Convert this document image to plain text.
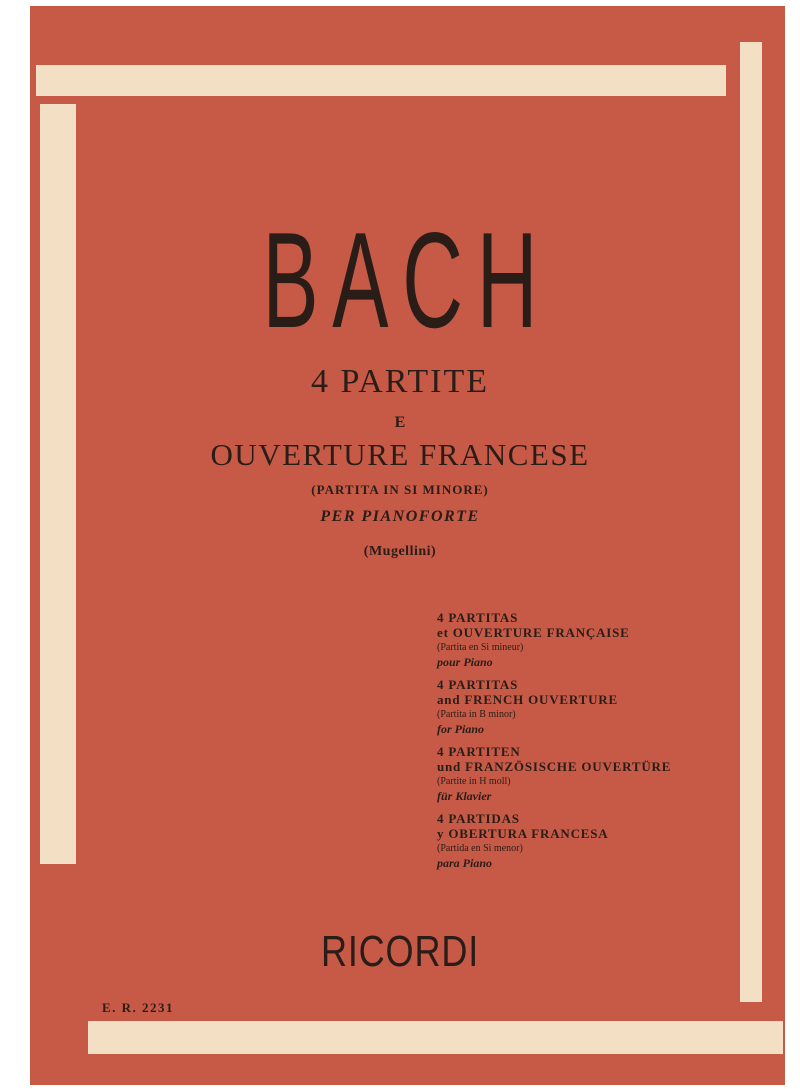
BACH
4 PARTITE
E
OUVERTURE FRANCESE
(PARTITA IN SI MINORE)
PER PIANOFORTE
(Mugellini)
4 PARTITAS
et OUVERTURE FRANÇAISE
(Partita en Si mineur)
pour Piano
4 PARTITAS
and FRENCH OUVERTURE
(Partita in B minor)
for Piano
4 PARTITEN
und FRANZÖSISCHE OUVERTÜRE
(Partite in H moll)
für Klavier
4 PARTIDAS
y OBERTURA FRANCESA
(Partida en Si menor)
para Piano
RICORDI
E. R. 2231
